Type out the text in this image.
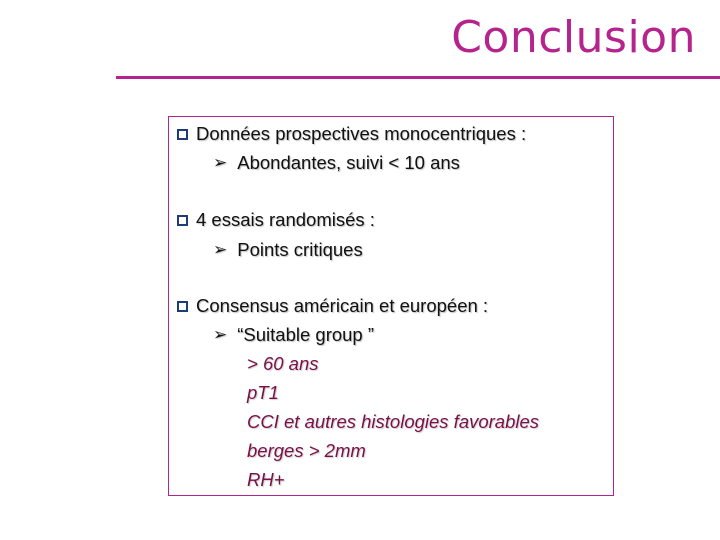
Conclusion
Données prospectives monocentriques :
➢ Abondantes, suivi < 10 ans
4 essais randomisés :
➢ Points critiques
Consensus américain et européen :
➢ “Suitable group ”
> 60 ans
pT1
CCI et autres histologies favorables
berges > 2mm
RH+
